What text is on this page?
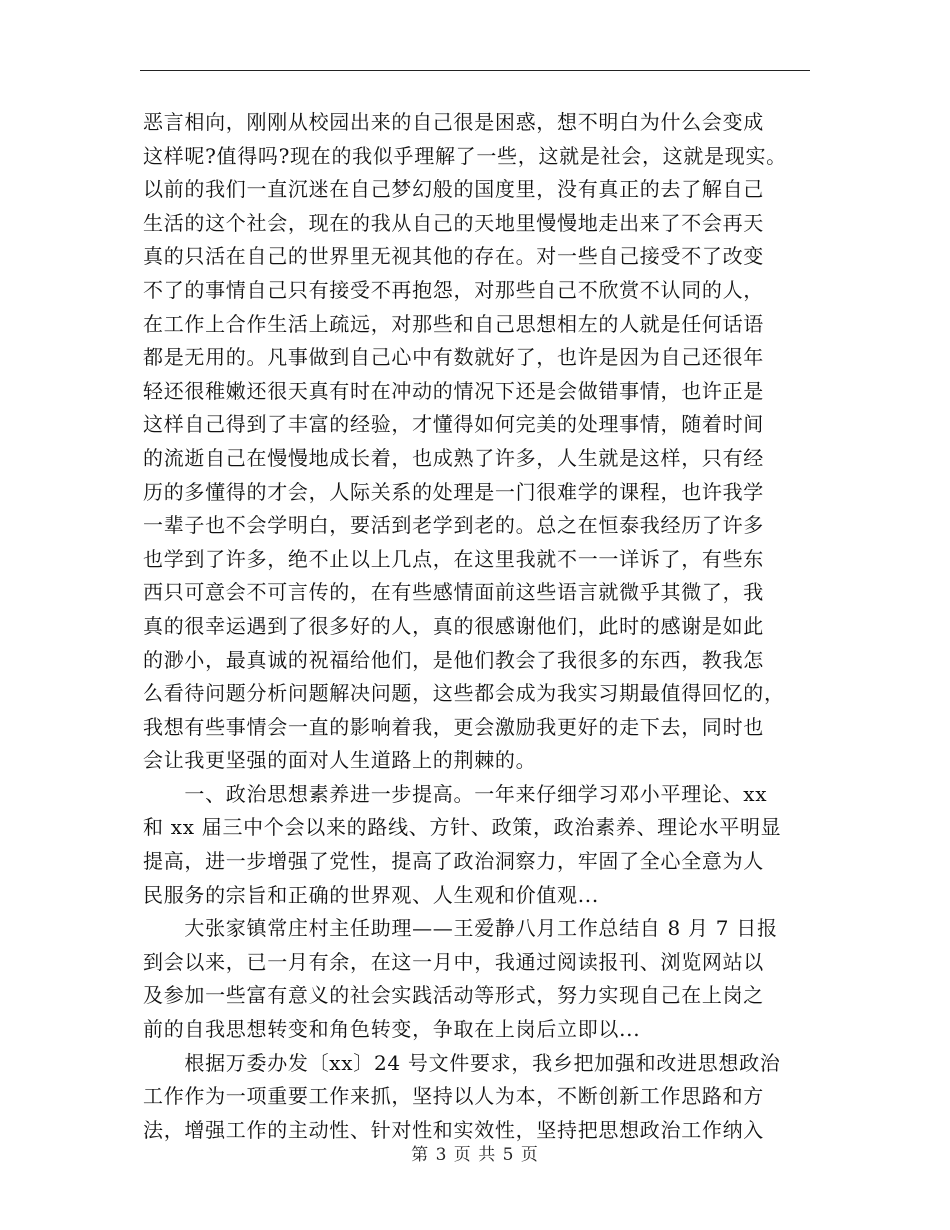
恶言相向，刚刚从校园出来的自己很是困惑，想不明白为什么会变成
这样呢?值得吗?现在的我似乎理解了一些，这就是社会，这就是现实。
以前的我们一直沉迷在自己梦幻般的国度里，没有真正的去了解自己
生活的这个社会，现在的我从自己的天地里慢慢地走出来了不会再天
真的只活在自己的世界里无视其他的存在。对一些自己接受不了改变
不了的事情自己只有接受不再抱怨，对那些自己不欣赏不认同的人，
在工作上合作生活上疏远，对那些和自己思想相左的人就是任何话语
都是无用的。凡事做到自己心中有数就好了，也许是因为自己还很年
轻还很稚嫩还很天真有时在冲动的情况下还是会做错事情，也许正是
这样自己得到了丰富的经验，才懂得如何完美的处理事情，随着时间
的流逝自己在慢慢地成长着，也成熟了许多，人生就是这样，只有经
历的多懂得的才会，人际关系的处理是一门很难学的课程，也许我学
一辈子也不会学明白，要活到老学到老的。总之在恒泰我经历了许多
也学到了许多，绝不止以上几点，在这里我就不一一详诉了，有些东
西只可意会不可言传的，在有些感情面前这些语言就微乎其微了，我
真的很幸运遇到了很多好的人，真的很感谢他们，此时的感谢是如此
的渺小，最真诚的祝福给他们，是他们教会了我很多的东西，教我怎
么看待问题分析问题解决问题，这些都会成为我实习期最值得回忆的，
我想有些事情会一直的影响着我，更会激励我更好的走下去，同时也
会让我更坚强的面对人生道路上的荆棘的。
　　一、政治思想素养进一步提高。一年来仔细学习邓小平理论、xx
和 xx 届三中个会以来的路线、方针、政策，政治素养、理论水平明显
提高，进一步增强了党性，提高了政治洞察力，牢固了全心全意为人
民服务的宗旨和正确的世界观、人生观和价值观...
　　大张家镇常庄村主任助理——王爱静八月工作总结自 8 月 7 日报
到会以来，已一月有余，在这一月中，我通过阅读报刊、浏览网站以
及参加一些富有意义的社会实践活动等形式，努力实现自己在上岗之
前的自我思想转变和角色转变，争取在上岗后立即以...
　　根据万委办发〔xx〕24 号文件要求，我乡把加强和改进思想政治
工作作为一项重要工作来抓，坚持以人为本，不断创新工作思路和方
法，增强工作的主动性、针对性和实效性，坚持把思想政治工作纳入
第 3 页 共 5 页
